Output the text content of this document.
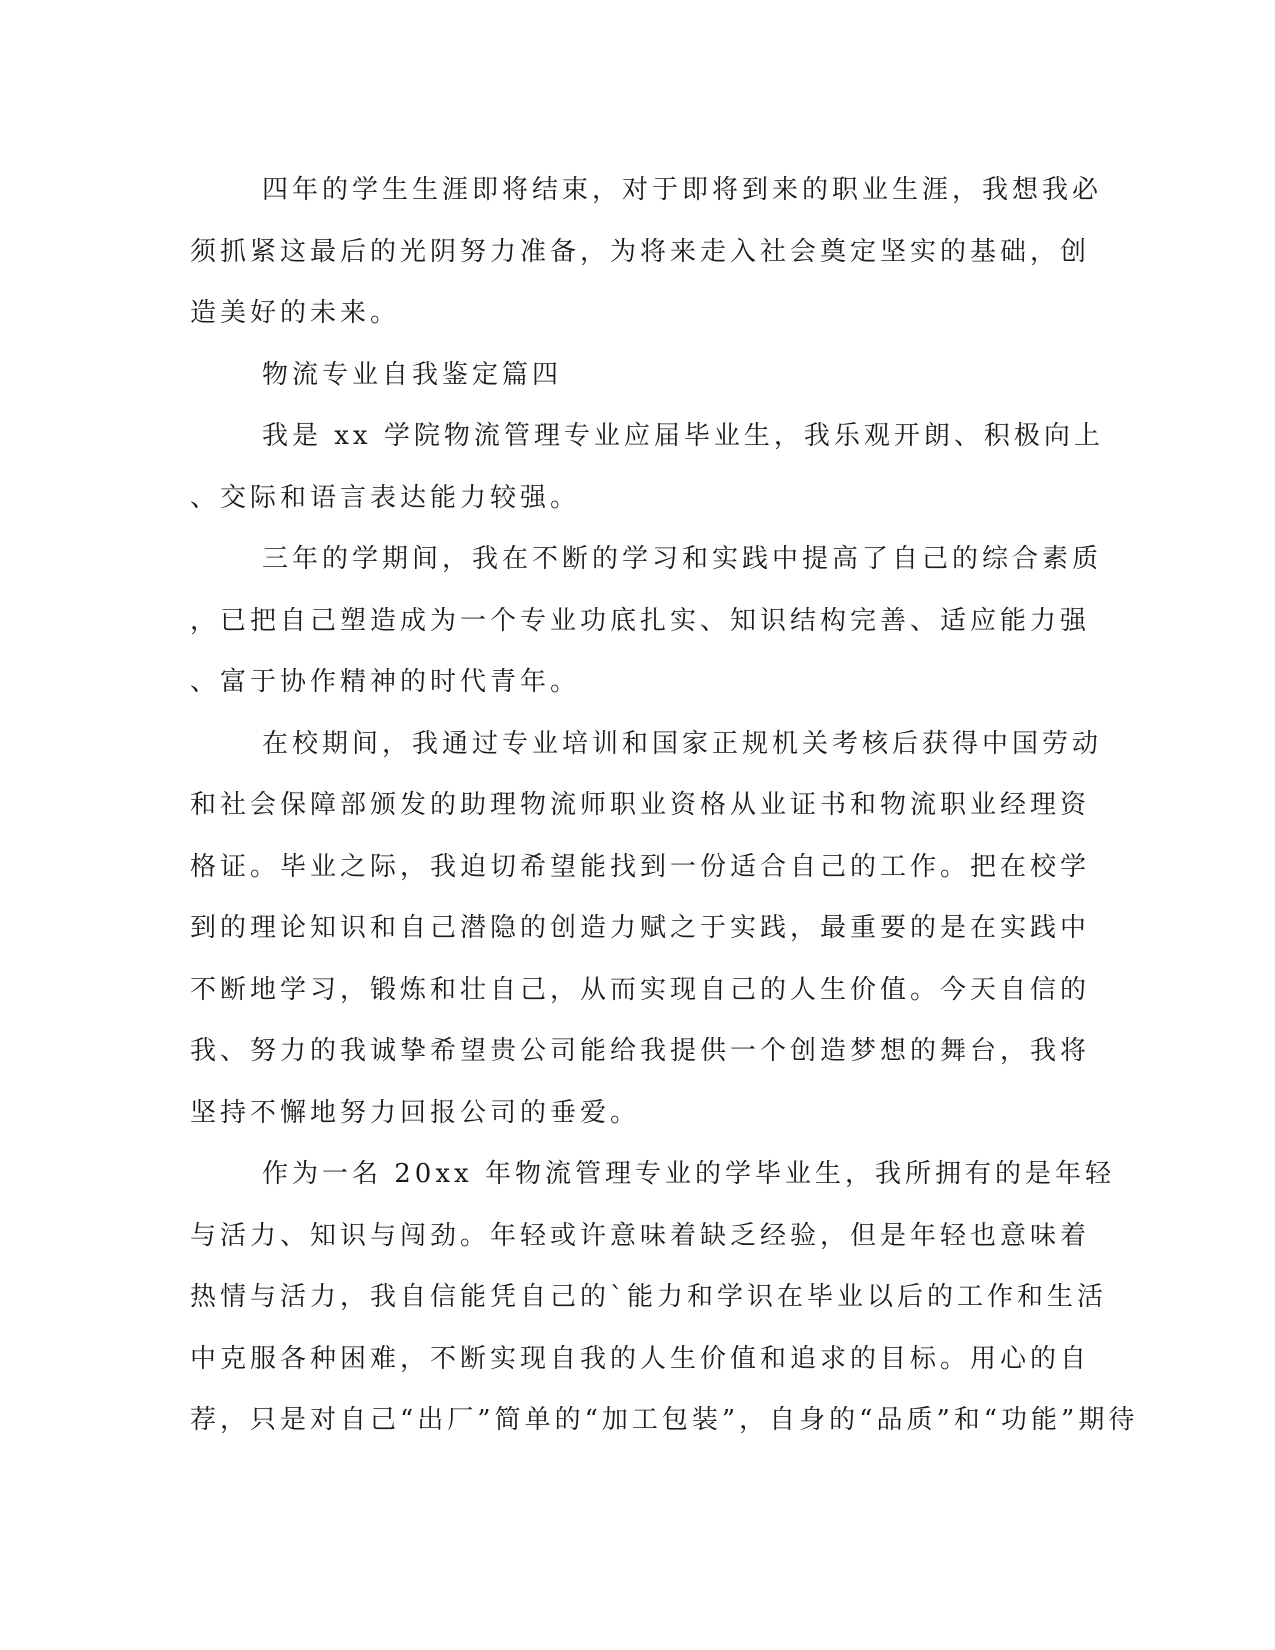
四年的学生生涯即将结束，对于即将到来的职业生涯，我想我必
须抓紧这最后的光阴努力准备，为将来走入社会奠定坚实的基础，创
造美好的未来。
物流专业自我鉴定篇四
我是 xx 学院物流管理专业应届毕业生，我乐观开朗、积极向上
、交际和语言表达能力较强。
三年的学期间，我在不断的学习和实践中提高了自己的综合素质
，已把自己塑造成为一个专业功底扎实、知识结构完善、适应能力强
、富于协作精神的时代青年。
在校期间，我通过专业培训和国家正规机关考核后获得中国劳动
和社会保障部颁发的助理物流师职业资格从业证书和物流职业经理资
格证。毕业之际，我迫切希望能找到一份适合自己的工作。把在校学
到的理论知识和自己潜隐的创造力赋之于实践，最重要的是在实践中
不断地学习，锻炼和壮自己，从而实现自己的人生价值。今天自信的
我、努力的我诚挚希望贵公司能给我提供一个创造梦想的舞台，我将
坚持不懈地努力回报公司的垂爱。
作为一名 20xx 年物流管理专业的学毕业生，我所拥有的是年轻
与活力、知识与闯劲。年轻或许意味着缺乏经验，但是年轻也意味着
热情与活力，我自信能凭自己的`能力和学识在毕业以后的工作和生活
中克服各种困难，不断实现自我的人生价值和追求的目标。用心的自
荐，只是对自己“出厂”简单的“加工包装”，自身的“品质”和“功能”期待
